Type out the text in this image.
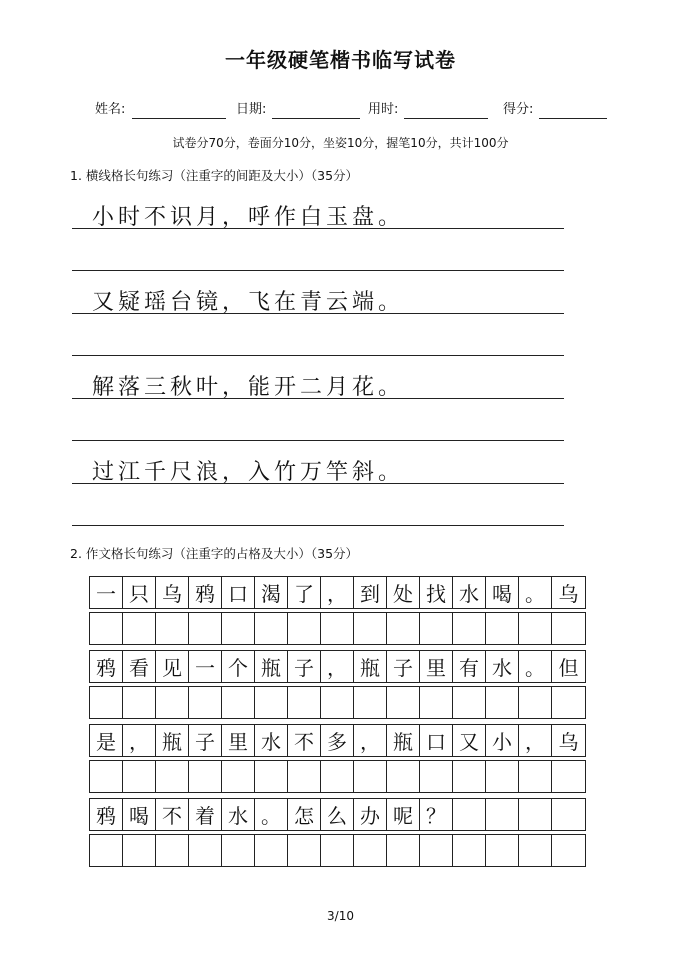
一年级硬笔楷书临写试卷
姓名:	日期:	用时:	得分:
试卷分70分，卷面分10分，坐姿10分，握笔10分，共计100分
1. 横线格长句练习（注重字的间距及大小）（35分）
小时不识月，呼作白玉盘。
又疑瑶台镜，飞在青云端。
解落三秋叶，能开二月花。
过江千尺浪，入竹万竿斜。
2. 作文格长句练习（注重字的占格及大小）（35分）
一 只 乌 鸦 口 渴 了 ， 到 处 找 水 喝 。 乌
鸦 看 见 一 个 瓶 子 ， 瓶 子 里 有 水 。 但
是 ， 瓶 子 里 水 不 多 ， 瓶 口 又 小 ， 乌
鸦 喝 不 着 水 。 怎 么 办 呢 ？
3/10
